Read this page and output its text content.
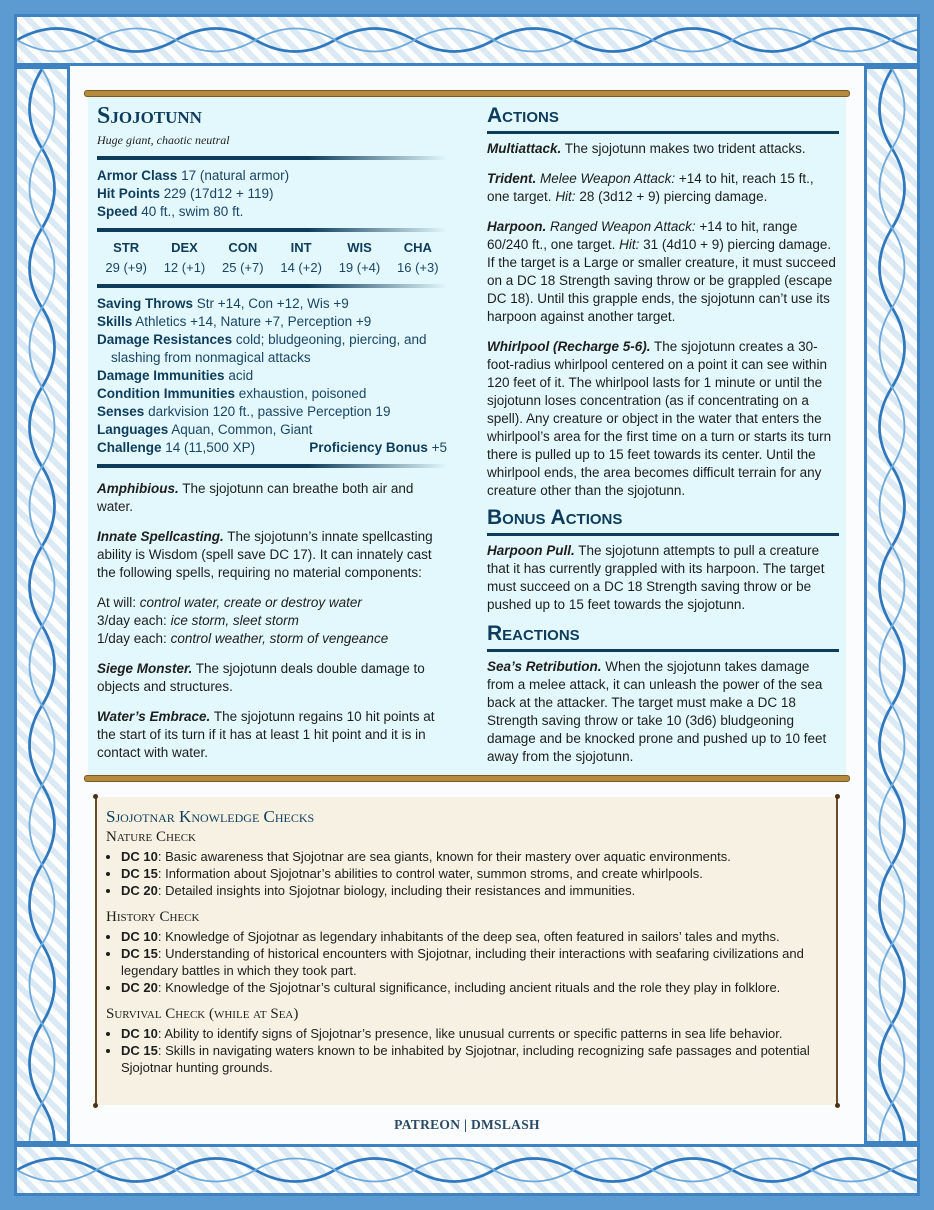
Sjojotunn
Huge giant, chaotic neutral
Armor Class 17 (natural armor)
Hit Points 229 (17d12 + 119)
Speed 40 ft., swim 80 ft.
STR
29 (+9)
DEX
12 (+1)
CON
25 (+7)
INT
14 (+2)
WIS
19 (+4)
CHA
16 (+3)
Saving Throws Str +14, Con +12, Wis +9
Skills Athletics +14, Nature +7, Perception +9
Damage Resistances cold; bludgeoning, piercing, and slashing from nonmagical attacks
Damage Immunities acid
Condition Immunities exhaustion, poisoned
Senses darkvision 120 ft., passive Perception 19
Languages Aquan, Common, Giant
Challenge 14 (11,500 XP)	Proficiency Bonus +5

Amphibious. The sjojotunn can breathe both air and water.

Innate Spellcasting. The sjojotunn’s innate spellcasting ability is Wisdom (spell save DC 17). It can innately cast the following spells, requiring no material components:

At will: control water, create or destroy water
3/day each: ice storm, sleet storm
1/day each: control weather, storm of vengeance

Siege Monster. The sjojotunn deals double damage to objects and structures.

Water’s Embrace. The sjojotunn regains 10 hit points at the start of its turn if it has at least 1 hit point and it is in contact with water.

Actions

Multiattack. The sjojotunn makes two trident attacks.

Trident. Melee Weapon Attack: +14 to hit, reach 15 ft., one target. Hit: 28 (3d12 + 9) piercing damage.

Harpoon. Ranged Weapon Attack: +14 to hit, range 60/240 ft., one target. Hit: 31 (4d10 + 9) piercing damage. If the target is a Large or smaller creature, it must succeed on a DC 18 Strength saving throw or be grappled (escape DC 18). Until this grapple ends, the sjojotunn can’t use its harpoon against another target.

Whirlpool (Recharge 5-6). The sjojotunn creates a 30-foot-radius whirlpool centered on a point it can see within 120 feet of it. The whirlpool lasts for 1 minute or until the sjojotunn loses concentration (as if concentrating on a spell). Any creature or object in the water that enters the whirlpool’s area for the first time on a turn or starts its turn there is pulled up to 15 feet towards its center. Until the whirlpool ends, the area becomes difficult terrain for any creature other than the sjojotunn.

Bonus Actions

Harpoon Pull. The sjojotunn attempts to pull a creature that it has currently grappled with its harpoon. The target must succeed on a DC 18 Strength saving throw or be pushed up to 15 feet towards the sjojotunn.

Reactions

Sea’s Retribution. When the sjojotunn takes damage from a melee attack, it can unleash the power of the sea back at the attacker. The target must make a DC 18 Strength saving throw or take 10 (3d6) bludgeoning damage and be knocked prone and pushed up to 10 feet away from the sjojotunn.

Sjojotnar Knowledge Checks
Nature Check
• DC 10: Basic awareness that Sjojotnar are sea giants, known for their mastery over aquatic environments.
• DC 15: Information about Sjojotnar’s abilities to control water, summon stroms, and create whirlpools.
• DC 20: Detailed insights into Sjojotnar biology, including their resistances and immunities.
History Check
• DC 10: Knowledge of Sjojotnar as legendary inhabitants of the deep sea, often featured in sailors’ tales and myths.
• DC 15: Understanding of historical encounters with Sjojotnar, including their interactions with seafaring civilizations and legendary battles in which they took part.
• DC 20: Knowledge of the Sjojotnar’s cultural significance, including ancient rituals and the role they play in folklore.
Survival Check (while at Sea)
• DC 10: Ability to identify signs of Sjojotnar’s presence, like unusual currents or specific patterns in sea life behavior.
• DC 15: Skills in navigating waters known to be inhabited by Sjojotnar, including recognizing safe passages and potential Sjojotnar hunting grounds.
PATREON | DMSLASH
